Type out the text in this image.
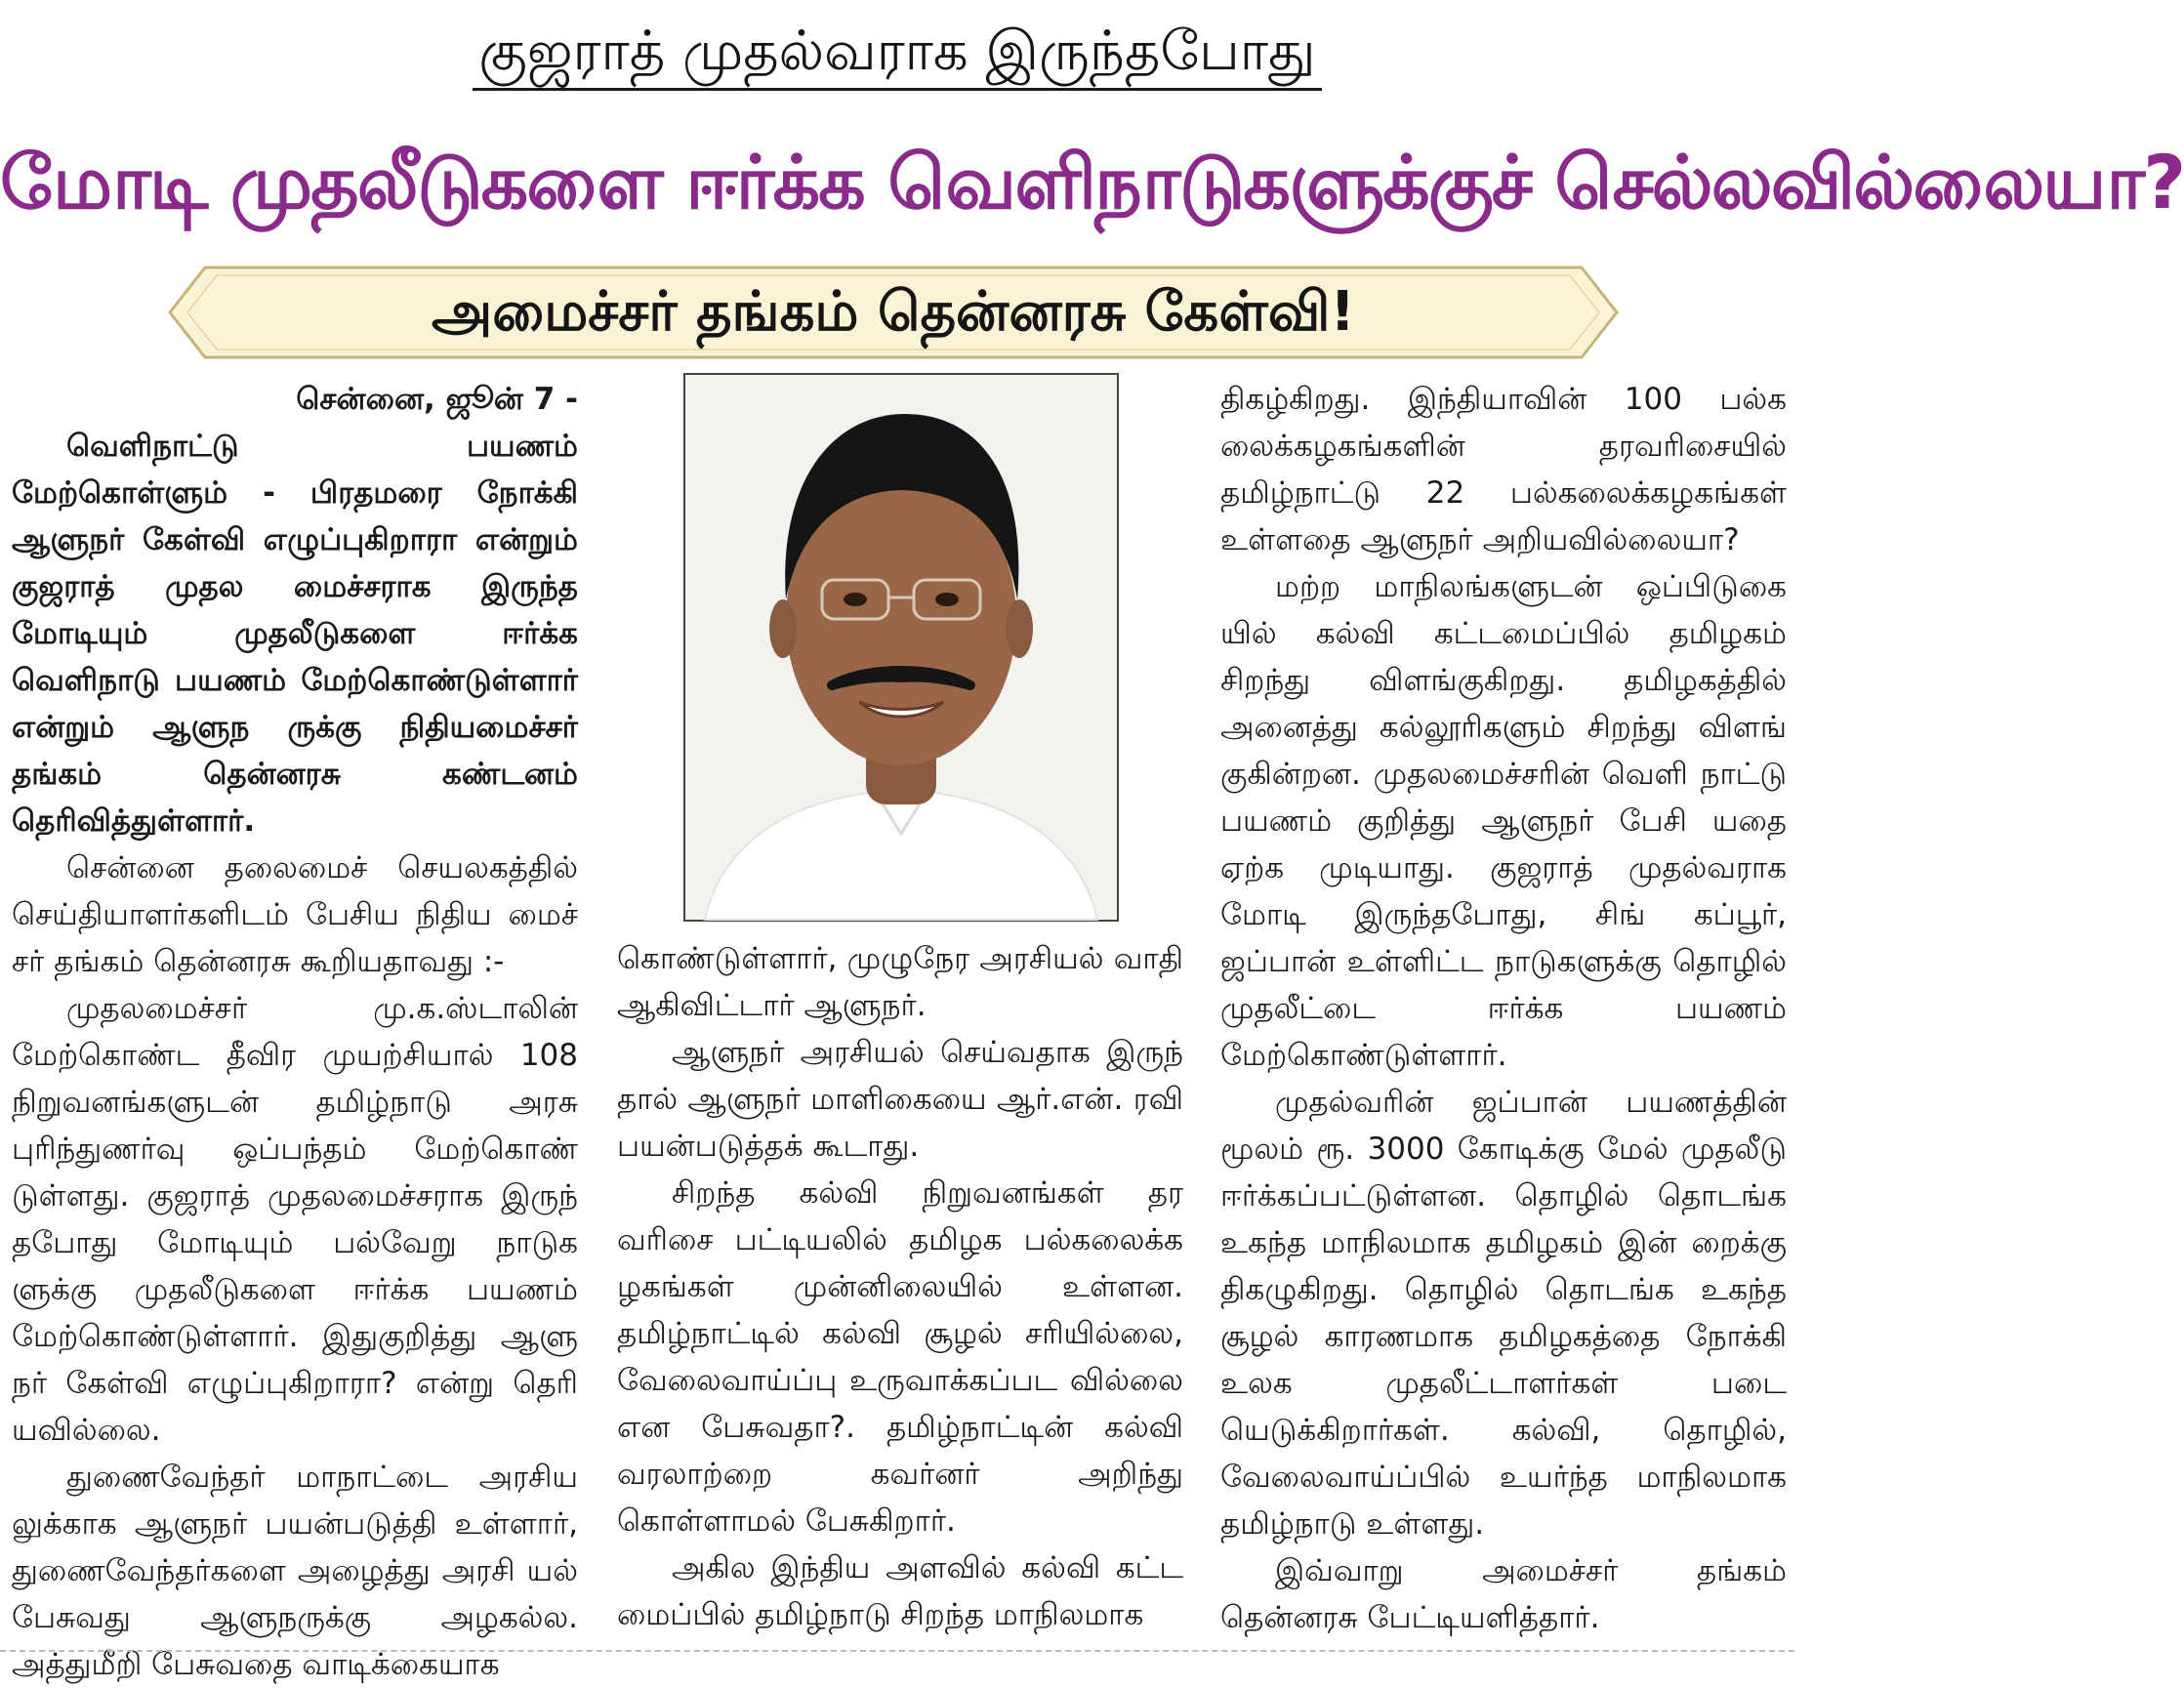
குஜராத் முதல்வராக இருந்தபோது
மோடி முதலீடுகளை ஈர்க்க வெளிநாடுகளுக்குச் செல்லவில்லையா?
அமைச்சர் தங்கம் தென்னரசு கேள்வி!

சென்னை, ஜூன் 7 -

வெளிநாட்டு பயணம் மேற்கொள்ளும் - பிரதமரை நோக்கி ஆளுநர் கேள்வி எழுப்புகிறாரா என்றும் குஜராத் முதல மைச்சராக இருந்த மோடியும் முதலீடுகளை ஈர்க்க வெளிநாடு பயணம் மேற்கொண்டுள்ளார் என்றும் ஆளுந ருக்கு நிதியமைச்சர் தங்கம் தென்னரசு கண்டனம் தெரிவித்துள்ளார்.

சென்னை தலைமைச் செயலகத்தில் செய்தியாளர்களிடம் பேசிய நிதிய மைச் சர் தங்கம் தென்னரசு கூறியதாவது :-

முதலமைச்சர் மு.க.ஸ்டாலின் மேற்கொண்ட தீவிர முயற்சியால் 108 நிறுவனங்களுடன் தமிழ்நாடு அரசு புரிந்துணர்வு ஒப்பந்தம் மேற்கொண் டுள்ளது. குஜராத் முதலமைச்சராக இருந் தபோது மோடியும் பல்வேறு நாடுக ளுக்கு முதலீடுகளை ஈர்க்க பயணம் மேற்கொண்டுள்ளார். இதுகுறித்து ஆளு நர் கேள்வி எழுப்புகிறாரா? என்று தெரி யவில்லை.

துணைவேந்தர் மாநாட்டை அரசிய லுக்காக ஆளுநர் பயன்படுத்தி உள்ளார், துணைவேந்தர்களை அழைத்து அரசி யல் பேசுவது ஆளுநருக்கு அழகல்ல. அத்துமீறி பேசுவதை வாடிக்கையாக

கொண்டுள்ளார், முழுநேர அரசியல் வாதி ஆகிவிட்டார் ஆளுநர்.

ஆளுநர் அரசியல் செய்வதாக இருந் தால் ஆளுநர் மாளிகையை ஆர்.என். ரவி பயன்படுத்தக் கூடாது.

சிறந்த கல்வி நிறுவனங்கள் தர வரிசை பட்டியலில் தமிழக பல்கலைக்க ழகங்கள் முன்னிலையில் உள்ளன. தமிழ்நாட்டில் கல்வி சூழல் சரியில்லை, வேலைவாய்ப்பு உருவாக்கப்பட வில்லை என பேசுவதா?. தமிழ்நாட்டின் கல்வி வரலாற்றை கவர்னர் அறிந்து கொள்ளாமல் பேசுகிறார்.

அகில இந்திய அளவில் கல்வி கட்ட மைப்பில் தமிழ்நாடு சிறந்த மாநிலமாக

திகழ்கிறது. இந்தியாவின் 100 பல்க லைக்கழகங்களின் தரவரிசையில் தமிழ்நாட்டு 22 பல்கலைக்கழகங்கள் உள்ளதை ஆளுநர் அறியவில்லையா?

மற்ற மாநிலங்களுடன் ஒப்பிடுகை யில் கல்வி கட்டமைப்பில் தமிழகம் சிறந்து விளங்குகிறது. தமிழகத்தில் அனைத்து கல்லூரிகளும் சிறந்து விளங் குகின்றன. முதலமைச்சரின் வெளி நாட்டு பயணம் குறித்து ஆளுநர் பேசி யதை ஏற்க முடியாது. குஜராத் முதல்வராக மோடி இருந்தபோது, சிங் கப்பூர், ஜப்பான் உள்ளிட்ட நாடுகளுக்கு தொழில் முதலீட்டை ஈர்க்க பயணம் மேற்கொண்டுள்ளார்.

முதல்வரின் ஜப்பான் பயணத்தின் மூலம் ரூ. 3000 கோடிக்கு மேல் முதலீடு ஈர்க்கப்பட்டுள்ளன. தொழில் தொடங்க உகந்த மாநிலமாக தமிழகம் இன் றைக்கு திகழுகிறது. தொழில் தொடங்க உகந்த சூழல் காரணமாக தமிழகத்தை நோக்கி உலக முதலீட்டாளர்கள் படை யெடுக்கிறார்கள். கல்வி, தொழில், வேலைவாய்ப்பில் உயர்ந்த மாநிலமாக தமிழ்நாடு உள்ளது.

இவ்வாறு அமைச்சர் தங்கம் தென்னரசு பேட்டியளித்தார்.
